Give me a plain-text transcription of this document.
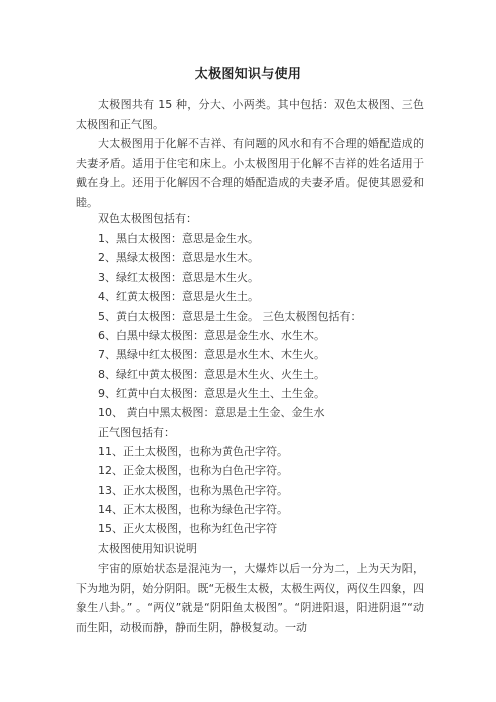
太极图知识与使用

太极图共有 15 种，分大、小两类。其中包括：双色太极图、三色太极图和正气图。

大太极图用于化解不吉祥、有问题的风水和有不合理的婚配造成的夫妻矛盾。适用于住宅和床上。小太极图用于化解不吉祥的姓名适用于戴在身上。还用于化解因不合理的婚配造成的夫妻矛盾。促使其恩爱和睦。

双色太极图包括有：
1、黑白太极图：意思是金生水。
2、黑绿太极图：意思是水生木。
3、绿红太极图：意思是木生火。
4、红黄太极图：意思是火生土。
5、黄白太极图：意思是土生金。 三色太极图包括有：
6、白黑中绿太极图：意思是金生水、水生木。
7、黑绿中红太极图：意思是水生木、木生火。
8、绿红中黄太极图：意思是木生火、火生土。
9、红黄中白太极图：意思是火生土、土生金。
10、 黄白中黑太极图：意思是土生金、金生水
正气图包括有：
11、正土太极图，也称为黄色卍字符。
12、正金太极图，也称为白色卍字符。
13、正水太极图，也称为黑色卍字符。
14、正木太极图，也称为绿色卍字符。
15、正火太极图，也称为红色卍字符
太极图使用知识说明

宇宙的原始状态是混沌为一，大爆炸以后一分为二，上为天为阳，下为地为阴，始分阴阳。既“无极生太极，太极生两仪，两仪生四象，四象生八卦。” 。“两仪”就是“阴阳鱼太极图”。“阴进阳退，阳进阴退”“动而生阳，动极而静，静而生阴，静极复动。一动
